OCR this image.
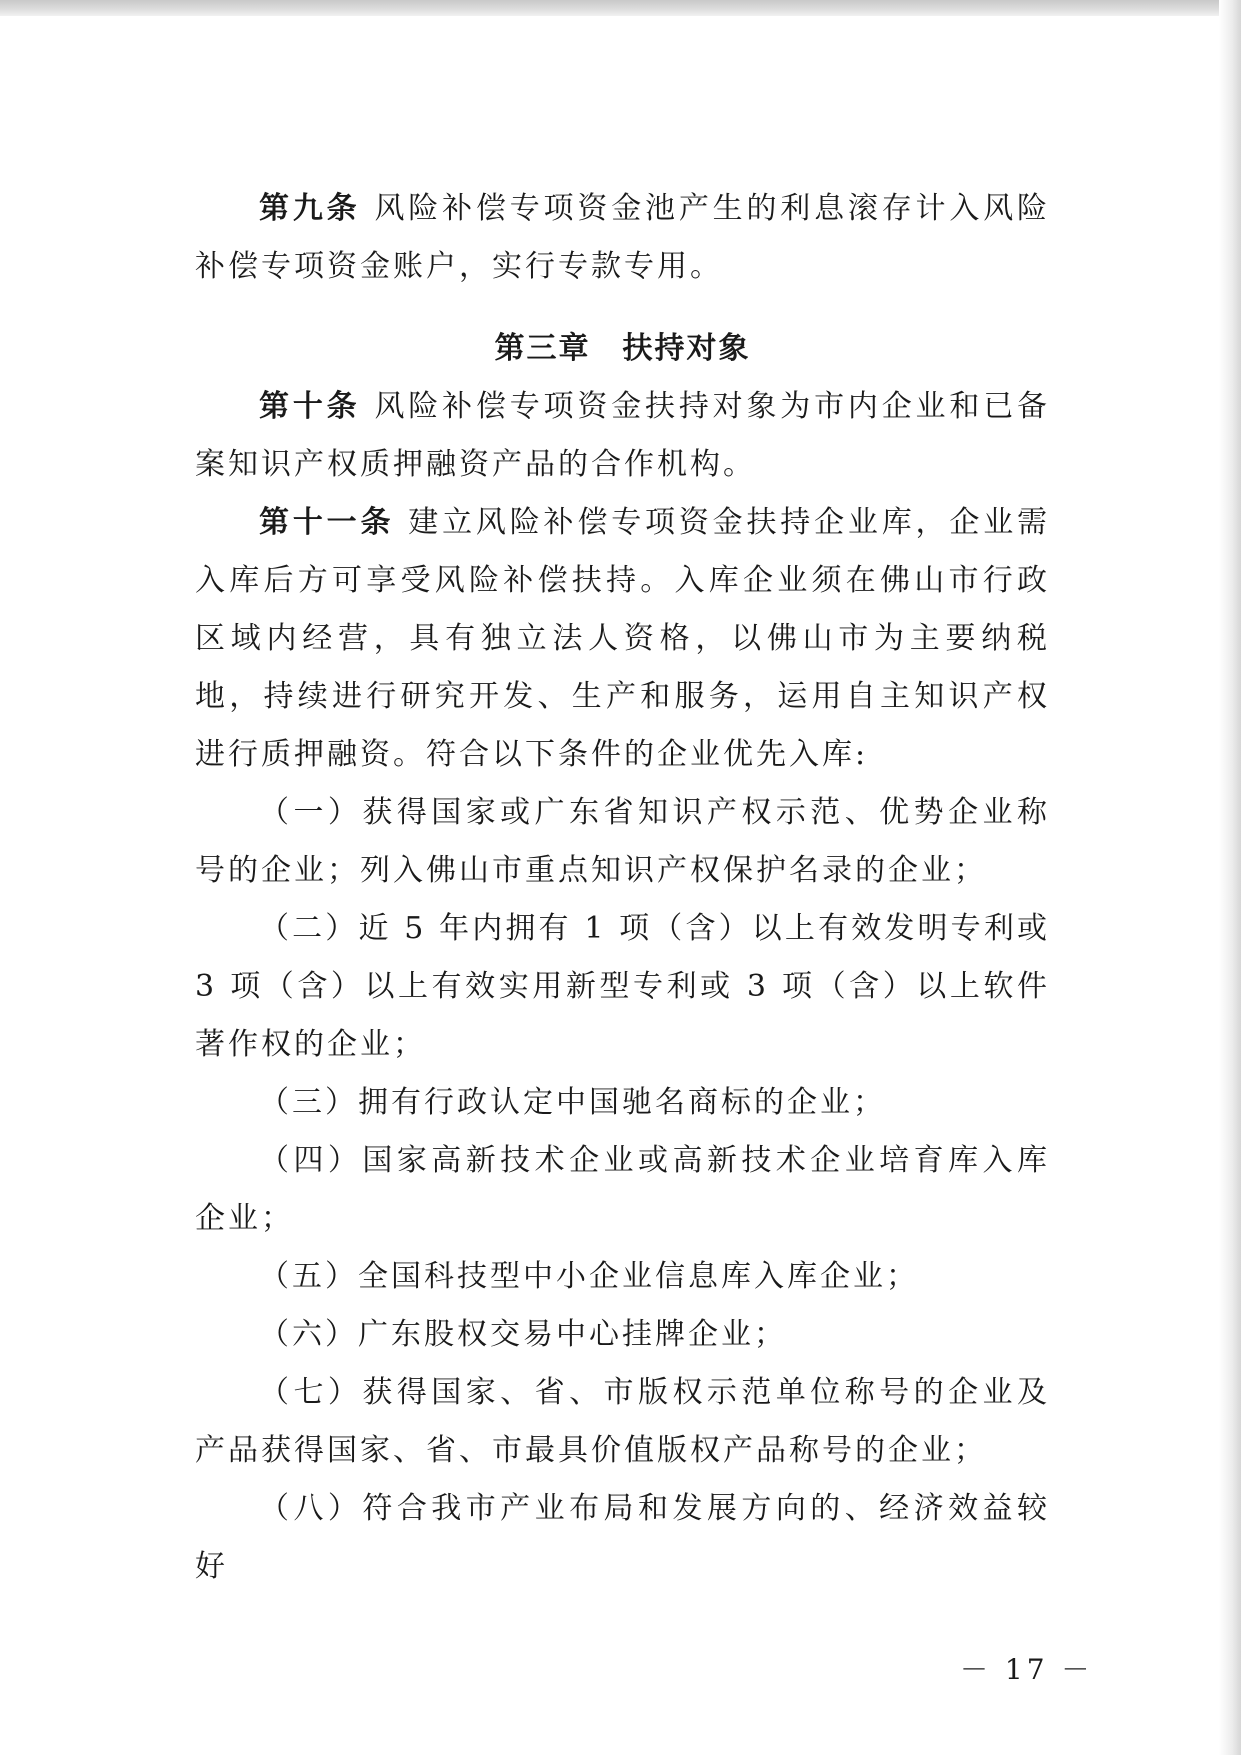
第九条 风险补偿专项资金池产生的利息滚存计入风险补偿专项资金账户，实行专款专用。

第三章　扶持对象

第十条 风险补偿专项资金扶持对象为市内企业和已备案知识产权质押融资产品的合作机构。

第十一条 建立风险补偿专项资金扶持企业库，企业需入库后方可享受风险补偿扶持。入库企业须在佛山市行政区域内经营，具有独立法人资格，以佛山市为主要纳税地，持续进行研究开发、生产和服务，运用自主知识产权进行质押融资。符合以下条件的企业优先入库:

（一）获得国家或广东省知识产权示范、优势企业称号的企业；列入佛山市重点知识产权保护名录的企业；

（二）近 5 年内拥有 1 项（含）以上有效发明专利或 3 项（含）以上有效实用新型专利或 3 项（含）以上软件著作权的企业；

（三）拥有行政认定中国驰名商标的企业；

（四）国家高新技术企业或高新技术企业培育库入库企业；

（五）全国科技型中小企业信息库入库企业；

（六）广东股权交易中心挂牌企业；

（七）获得国家、省、市版权示范单位称号的企业及产品获得国家、省、市最具价值版权产品称号的企业；

（八）符合我市产业布局和发展方向的、经济效益较好

－ 17 －
